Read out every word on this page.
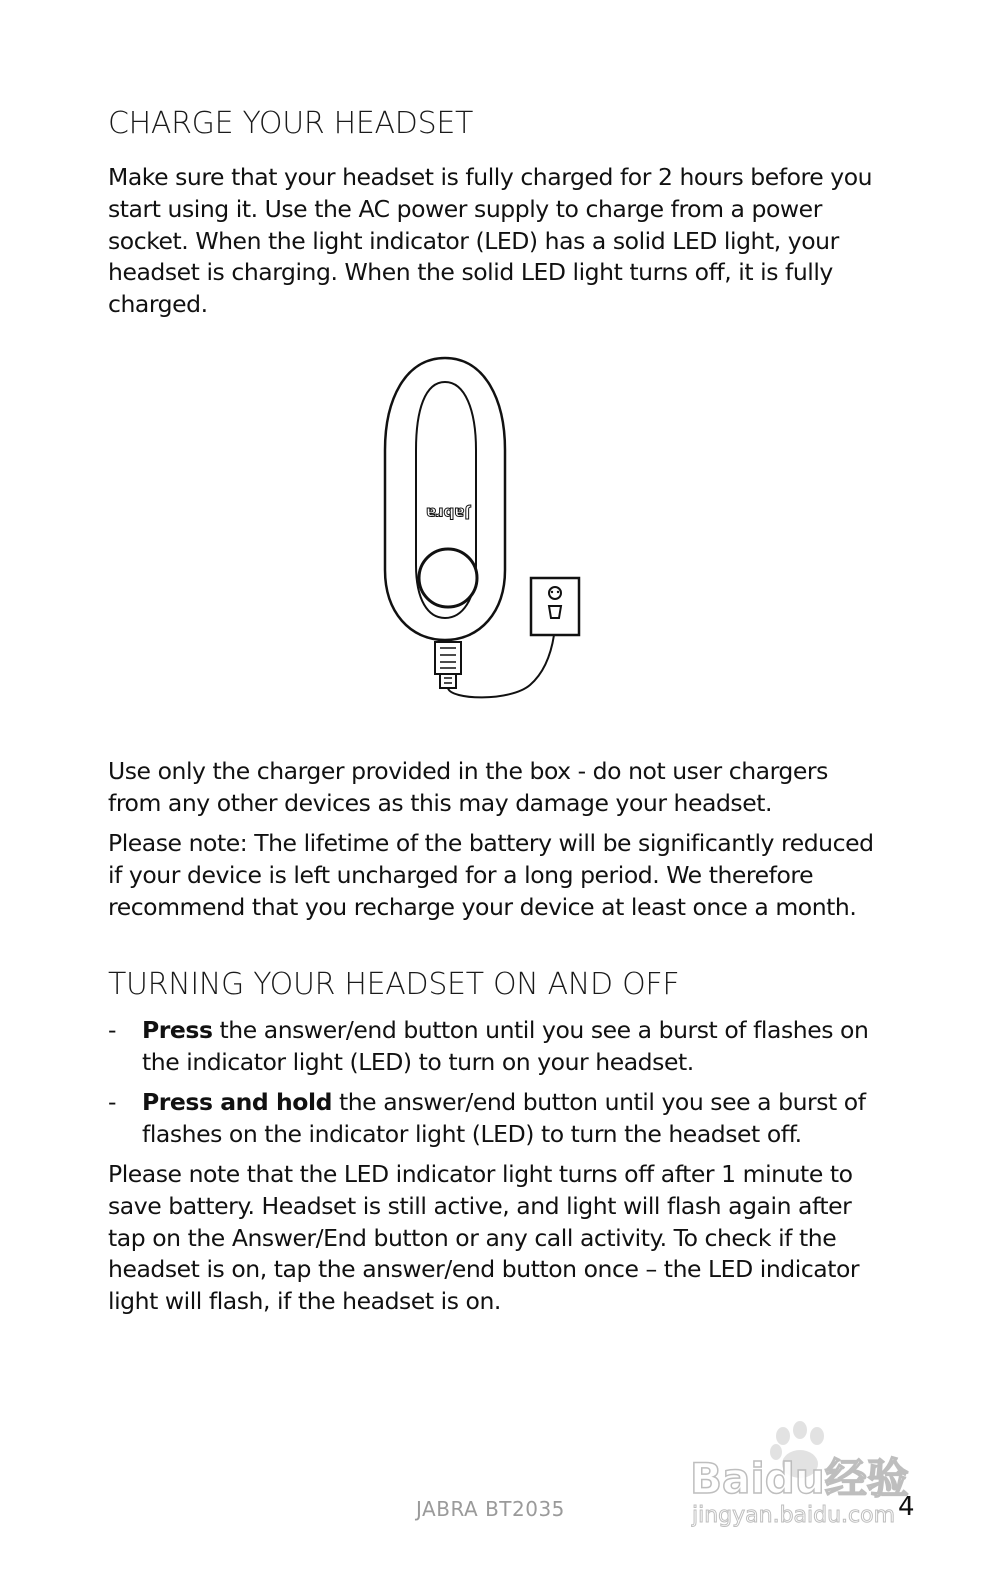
CHARGE YOUR HEADSET

Make sure that your headset is fully charged for 2 hours before you start using it. Use the AC power supply to charge from a power socket. When the light indicator (LED) has a solid LED light, your headset is charging. When the solid LED light turns off, it is fully charged.

Jabra

Use only the charger provided in the box - do not user chargers from any other devices as this may damage your headset.

Please note: The lifetime of the battery will be significantly reduced if your device is left uncharged for a long period. We therefore recommend that you recharge your device at least once a month.

TURNING YOUR HEADSET ON AND OFF
- Press the answer/end button until you see a burst of flashes on the indicator light (LED) to turn on your headset.
- Press and hold the answer/end button until you see a burst of flashes on the indicator light (LED) to turn the headset off.

Please note that the LED indicator light turns off after 1 minute to save battery. Headset is still active, and light will flash again after tap on the Answer/End button or any call activity. To check if the headset is on, tap the answer/end button once – the LED indicator light will flash, if the headset is on.

Baidu经验
jingyan.baidu.com
JABRA BT2035	4
